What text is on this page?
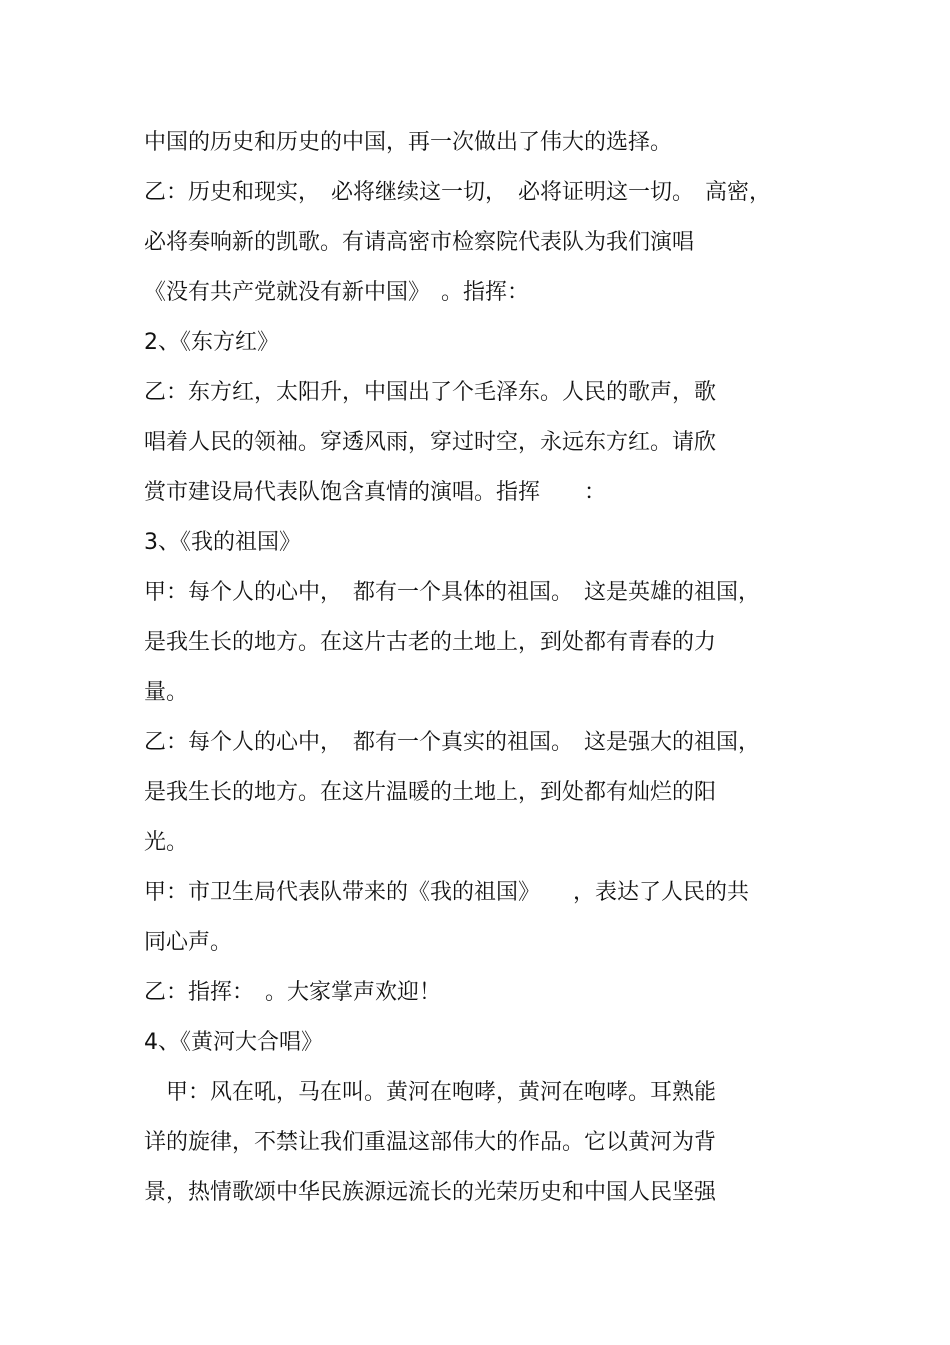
中国的历史和历史的中国，再一次做出了伟大的选择。
乙：历史和现实，　必将继续这一切，　必将证明这一切。　高密，
必将奏响新的凯歌。有请高密市检察院代表队为我们演唱
《没有共产党就没有新中国》　。指挥：
2、《东方红》
乙：东方红，太阳升，中国出了个毛泽东。人民的歌声，歌
唱着人民的领袖。穿透风雨，穿过时空，永远东方红。请欣
赏市建设局代表队饱含真情的演唱。指挥　　：
3、《我的祖国》
甲：每个人的心中，　都有一个具体的祖国。　这是英雄的祖国，
是我生长的地方。在这片古老的土地上，到处都有青春的力
量。
乙：每个人的心中，　都有一个真实的祖国。　这是强大的祖国，
是我生长的地方。在这片温暖的土地上，到处都有灿烂的阳
光。
甲：市卫生局代表队带来的《我的祖国》　　，表达了人民的共
同心声。
乙：指挥：　。大家掌声欢迎！
4、《黄河大合唱》
　甲：风在吼，马在叫。黄河在咆哮，黄河在咆哮。耳熟能
详的旋律，不禁让我们重温这部伟大的作品。它以黄河为背
景，热情歌颂中华民族源远流长的光荣历史和中国人民坚强
